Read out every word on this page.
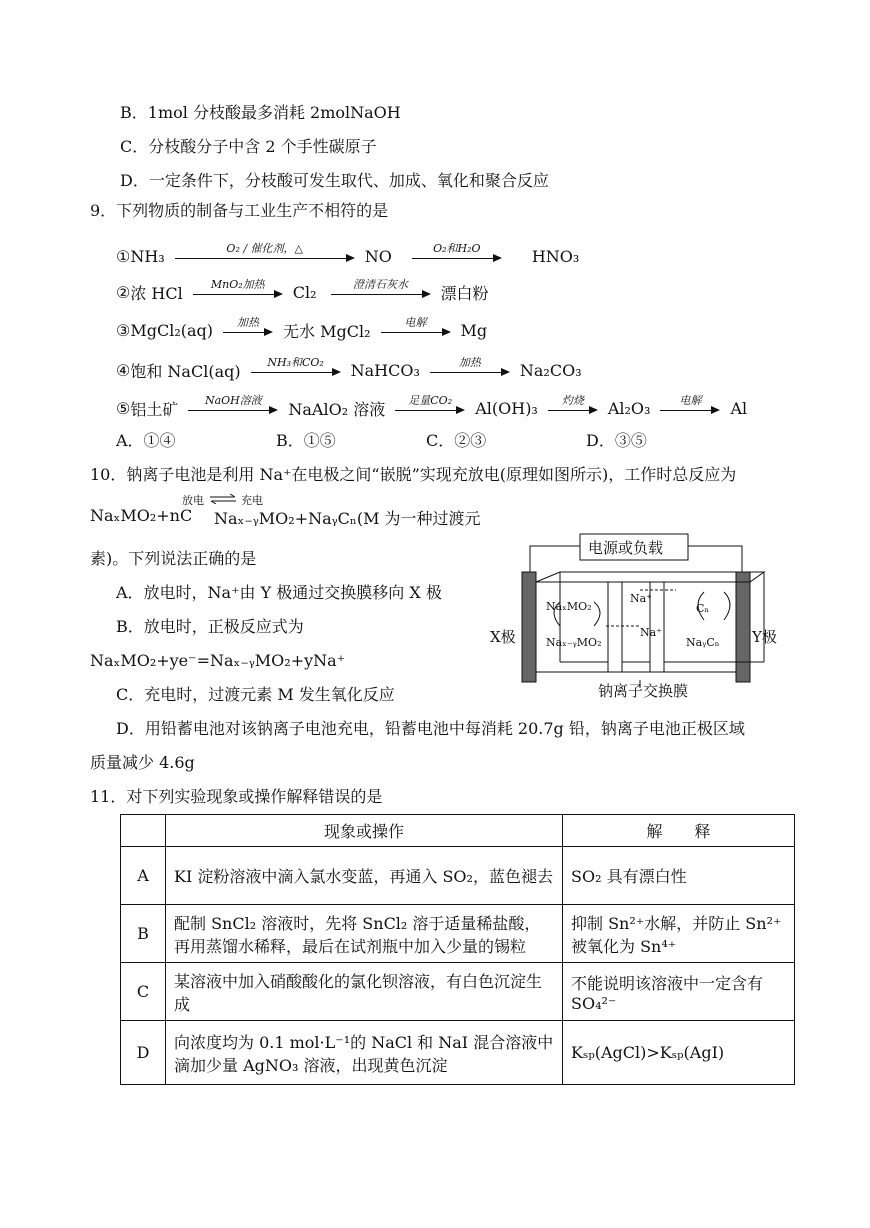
B．1mol 分枝酸最多消耗 2molNaOH
C．分枝酸分子中含 2 个手性碳原子
D．一定条件下，分枝酸可发生取代、加成、氧化和聚合反应
9．下列物质的制备与工业生产不相符的是
① NH₃	O₂ / 催化剂，△	NO	O₂和H₂O	HNO₃
② 浓 HCl	MnO₂加热	Cl₂	澄清石灰水	漂白粉
③ MgCl₂(aq)	加热	无水 MgCl₂	电解	Mg
④ 饱和 NaCl(aq)	NH₃和CO₂	NaHCO₃	加热	Na₂CO₃
⑤ 铝土矿	NaOH溶液	NaAlO₂ 溶液	足量CO₂	Al(OH)₃	灼烧	Al₂O₃	电解	Al
A．①④	B．①⑤	C．②③	D．③⑤
10．钠离子电池是利用 Na⁺在电极之间“嵌脱”实现充放电(原理如图所示)，工作时总反应为
NaₓMO₂+nC
放电 ⇌ 充电
Naₓ₋ᵧMO₂+NaᵧCₙ(M 为一种过渡元
素)。下列说法正确的是
A．放电时，Na⁺由 Y 极通过交换膜移向 X 极
B．放电时，正极反应式为
NaₓMO₂+ye⁻=Naₓ₋ᵧMO₂+yNa⁺
C．充电时，过渡元素 M 发生氧化反应
D．用铅蓄电池对该钠离子电池充电，铅蓄电池中每消耗 20.7g 铅，钠离子电池正极区域
质量减少 4.6g
电源或负载
X极	Y极
NaₓMO₂
Naₓ₋ᵧMO₂
Na⁺
Na⁺
Cₙ
NaᵧCₙ
钠离子交换膜
11．对下列实验现象或操作解释错误的是
	现象或操作	解　　释
A	KI 淀粉溶液中滴入氯水变蓝，再通入 SO₂，蓝色褪去	SO₂ 具有漂白性
B	配制 SnCl₂ 溶液时，先将 SnCl₂ 溶于适量稀盐酸，再用蒸馏水稀释，最后在试剂瓶中加入少量的锡粒	抑制 Sn²⁺水解，并防止 Sn²⁺被氧化为 Sn⁴⁺
C	某溶液中加入硝酸酸化的氯化钡溶液，有白色沉淀生成	不能说明该溶液中一定含有 SO₄²⁻
D	向浓度均为 0.1 mol·L⁻¹的 NaCl 和 NaI 混合溶液中滴加少量 AgNO₃ 溶液，出现黄色沉淀	Kₛₚ(AgCl)>Kₛₚ(AgI)
